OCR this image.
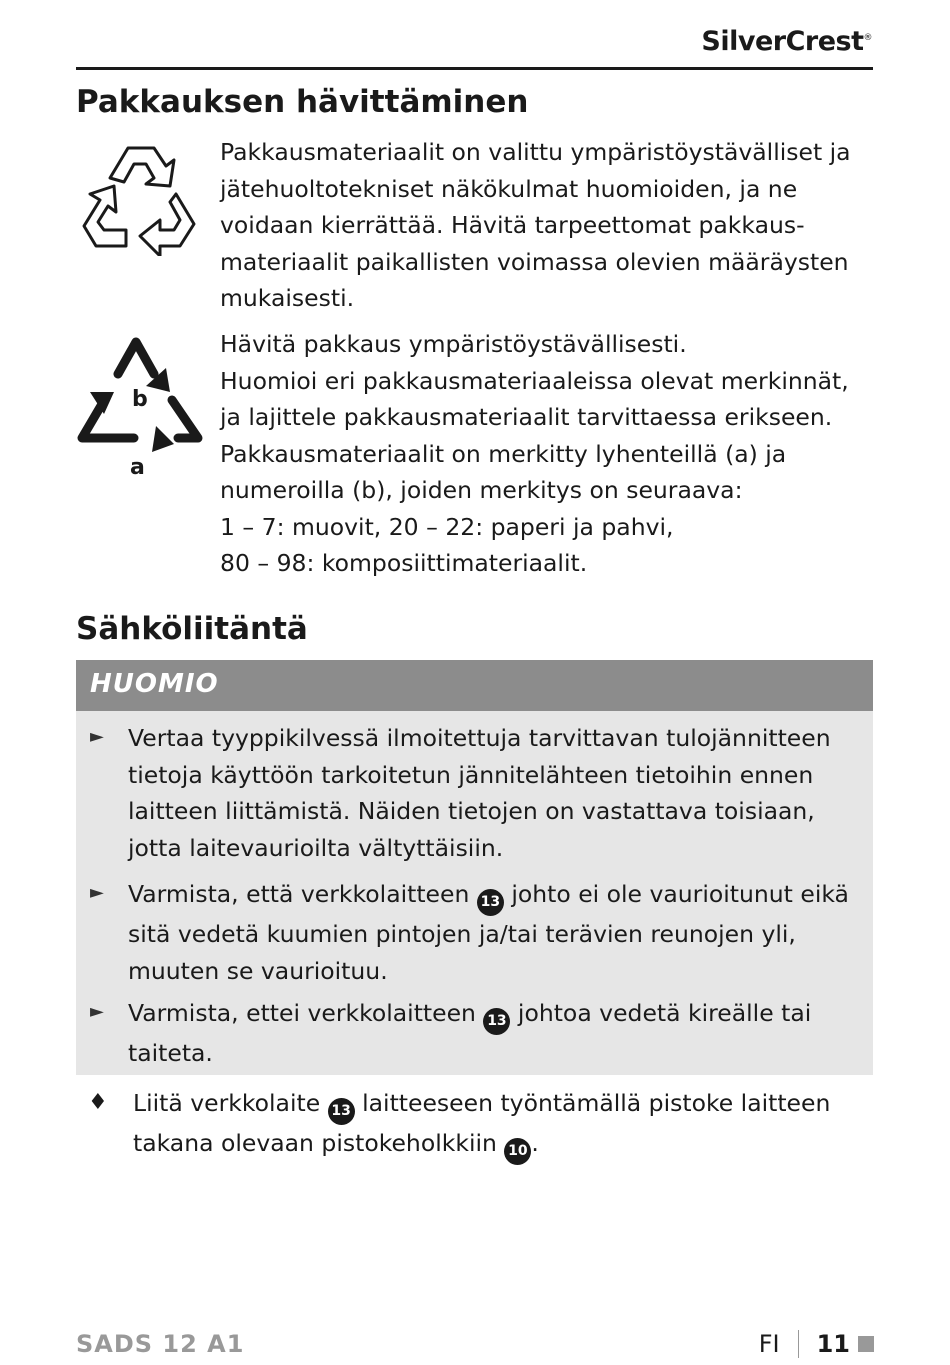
SilverCrest®
Pakkauksen hävittäminen
Pakkausmateriaalit on valittu ympäristöystävälliset ja
jätehuoltotekniset näkökulmat huomioiden, ja ne
voidaan kierrättää. Hävitä tarpeettomat pakkaus-
materiaalit paikallisten voimassa olevien määräysten
mukaisesti.
b
a
Hävitä pakkaus ympäristöystävällisesti.
Huomioi eri pakkausmateriaaleissa olevat merkinnät,
ja lajittele pakkausmateriaalit tarvittaessa erikseen.
Pakkausmateriaalit on merkitty lyhenteillä (a) ja
numeroilla (b), joiden merkitys on seuraava:
1 – 7: muovit, 20 – 22: paperi ja pahvi,
80 – 98: komposiittimateriaalit.
Sähköliitäntä
HUOMIO
► Vertaa tyyppikilvessä ilmoitettuja tarvittavan tulojännitteen
tietoja käyttöön tarkoitetun jännitelähteen tietoihin ennen
laitteen liittämistä. Näiden tietojen on vastattava toisiaan,
jotta laitevaurioilta vältyttäisiin.
► Varmista, että verkkolaitteen 13 johto ei ole vaurioitunut eikä
sitä vedetä kuumien pintojen ja/tai terävien reunojen yli,
muuten se vaurioituu.
► Varmista, ettei verkkolaitteen 13 johtoa vedetä kireälle tai
taiteta.
♦ Liitä verkkolaite 13 laitteeseen työntämällä pistoke laitteen
takana olevaan pistokeholkkiin 10 .
SADS 12 A1	FI 11
